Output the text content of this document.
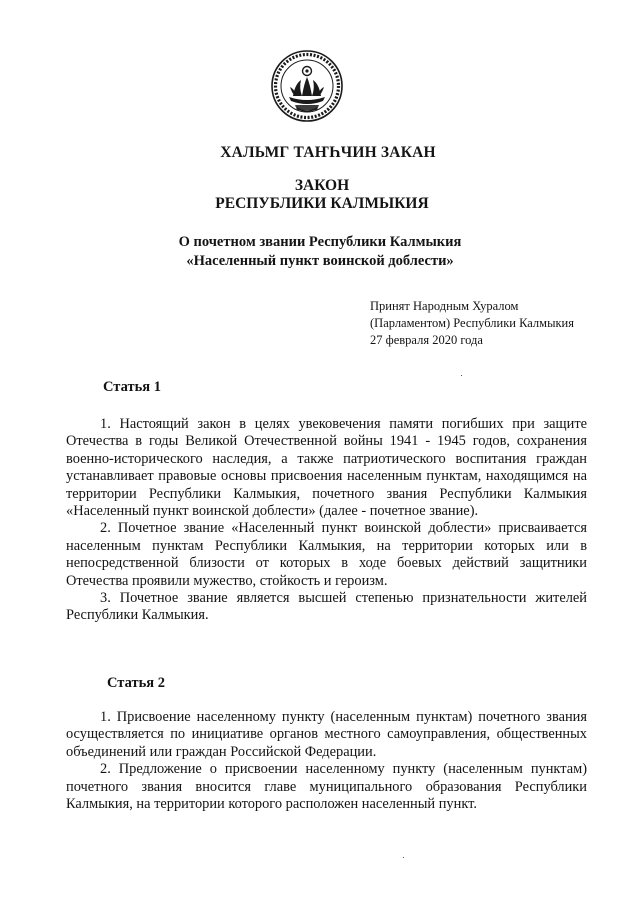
ХАЛЬМГ ТАҤҺЧИН ЗАКАН
ЗАКОН
РЕСПУБЛИКИ КАЛМЫКИЯ
О почетном звании Республики Калмыкия
«Населенный пункт воинской доблести»
Принят Народным Хуралом
(Парламентом) Республики Калмыкия
27 февраля 2020 года
Статья 1

1. Настоящий закон в целях увековечения памяти погибших при защите Отечества в годы Великой Отечественной войны 1941 - 1945 годов, сохранения военно-исторического наследия, а также патриотического воспитания граждан устанавливает правовые основы присвоения населенным пунктам, находящимся на территории Республики Калмыкия, почетного звания Республики Калмыкия «Населенный пункт воинской доблести» (далее - почетное звание).

2. Почетное звание «Населенный пункт воинской доблести» присваивается населенным пунктам Республики Калмыкия, на территории которых или в непосредственной близости от которых в ходе боевых действий защитники Отечества проявили мужество, стойкость и героизм.

3. Почетное звание является высшей степенью признательности жителей Республики Калмыкия.

Статья 2

1. Присвоение населенному пункту (населенным пунктам) почетного звания осуществляется по инициативе органов местного самоуправления, общественных объединений или граждан Российской Федерации.

2. Предложение о присвоении населенному пункту (населенным пунктам) почетного звания вносится главе муниципального образования Республики Калмыкия, на территории которого расположен населенный пункт.
